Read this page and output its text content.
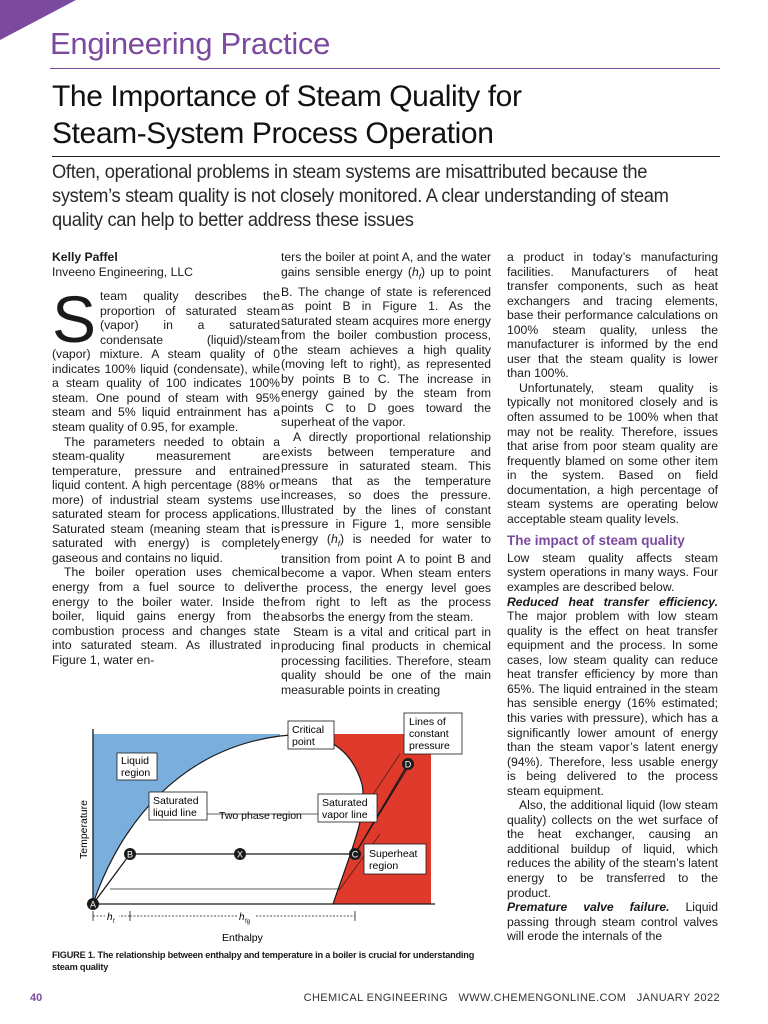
Engineering Practice
The Importance of Steam Quality for
Steam-System Process Operation
Often, operational problems in steam systems are misattributed because the system’s steam quality is not closely monitored. A clear understanding of steam quality can help to better address these issues
Kelly Paffel
Inveeno Engineering, LLC

Steam quality describes the proportion of saturated steam (vapor) in a saturated condensate (liquid)/steam (vapor) mixture. A steam quality of 0 indicates 100% liquid (condensate), while a steam quality of 100 indicates 100% steam. One pound of steam with 95% steam and 5% liquid entrainment has a steam quality of 0.95, for example.

The parameters needed to obtain a steam-quality measurement are temperature, pressure and entrained liquid content. A high percentage (88% or more) of industrial steam systems use saturated steam for process applications. Saturated steam (meaning steam that is saturated with energy) is completely gaseous and contains no liquid.

The boiler operation uses chemical energy from a fuel source to deliver energy to the boiler water. Inside the boiler, liquid gains energy from the combustion process and changes state into saturated steam. As illustrated in Figure 1, water en-

ters the boiler at point A, and the water gains sensible energy $(h_f)$ up to point B. The change of state is referenced as point B in Figure 1. As the saturated steam acquires more energy from the boiler combustion process, the steam achieves a high quality (moving left to right), as represented by points B to C. The increase in energy gained by the steam from points C to D goes toward the superheat of the vapor.

A directly proportional relationship exists between temperature and pressure in saturated steam. This means that as the temperature increases, so does the pressure. Illustrated by the lines of constant pressure in Figure 1, more sensible energy $(h_f)$ is needed for water to transition from point A to point B and become a vapor. When steam enters the process, the energy level goes from right to left as the process absorbs the energy from the steam.

Steam is a vital and critical part in producing final products in chemical processing facilities. Therefore, steam quality should be one of the main measurable points in creating

a product in today’s manufacturing facilities. Manufacturers of heat transfer components, such as heat exchangers and tracing elements, base their performance calculations on 100% steam quality, unless the manufacturer is informed by the end user that the steam quality is lower than 100%.

Unfortunately, steam quality is typically not monitored closely and is often assumed to be 100% when that may not be reality. Therefore, issues that arise from poor steam quality are frequently blamed on some other item in the system. Based on field documentation, a high percentage of steam systems are operating below acceptable steam quality levels.

The impact of steam quality

Low steam quality affects steam system operations in many ways. Four examples are described below.

Reduced heat transfer efficiency. The major problem with low steam quality is the effect on heat transfer equipment and the process. In some cases, low steam quality can reduce heat transfer efficiency by more than 65%. The liquid entrained in the steam has sensible energy (16% estimated; this varies with pressure), which has a significantly lower amount of energy than the steam vapor’s latent energy (94%). Therefore, less usable energy is being delivered to the process steam equipment.

Also, the additional liquid (low steam quality) collects on the wet surface of the heat exchanger, causing an additional buildup of liquid, which reduces the ability of the steam’s latent energy to be transferred to the product.

Premature valve failure. Liquid passing through steam control valves will erode the internals of the

A
B	X	C
D
Liquid
region
Critical
point
Lines of
constant
pressure
Saturated
liquid line Two phase region
Saturated
vapor line
Superheat
region
Temperature
Enthalpy
h f	h fg
FIGURE 1. The relationship between enthalpy and temperature in a boiler is crucial for understanding steam quality
40	CHEMICAL ENGINEERING   WWW.CHEMENGONLINE.COM   JANUARY 2022
